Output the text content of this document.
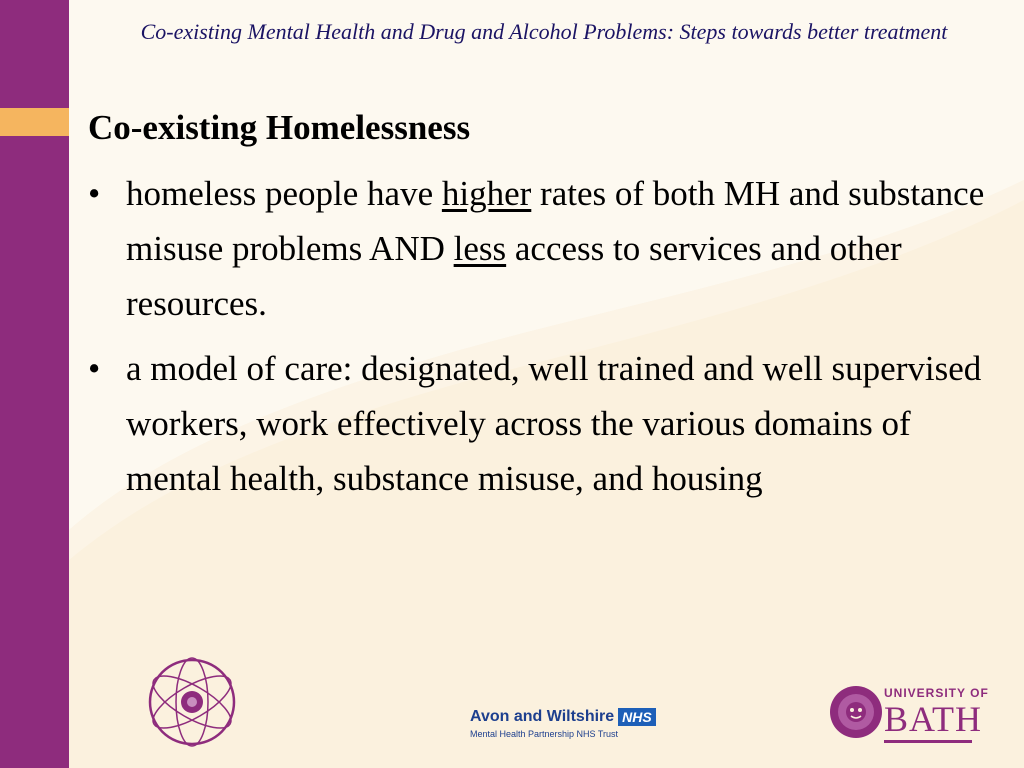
Co-existing Mental Health and Drug and Alcohol Problems: Steps towards better treatment
Co-existing Homelessness
• homeless people have higher rates of both MH and substance misuse problems AND less access to services and other resources.
• a model of care: designated, well trained and well supervised workers, work effectively across the various domains of mental health, substance misuse, and housing
Avon and Wiltshire NHS
Mental Health Partnership NHS Trust
UNIVERSITY OF
BATH
